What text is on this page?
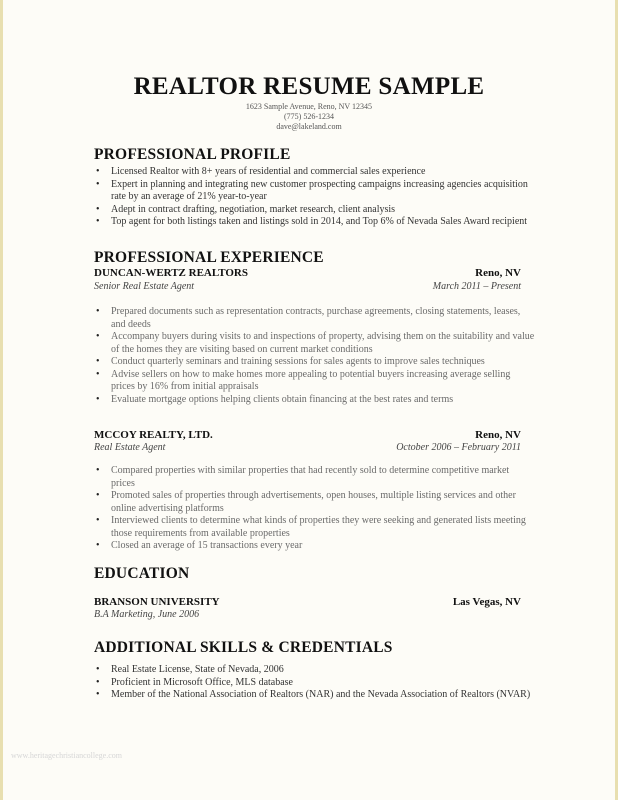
REALTOR RESUME SAMPLE
1623 Sample Avenue, Reno, NV 12345
(775) 526-1234
dave@lakeland.com
PROFESSIONAL PROFILE
• Licensed Realtor with 8+ years of residential and commercial sales experience
• Expert in planning and integrating new customer prospecting campaigns increasing agencies acquisition rate by an average of 21% year-to-year
• Adept in contract drafting, negotiation, market research, client analysis
• Top agent for both listings taken and listings sold in 2014, and Top 6% of Nevada Sales Award recipient
PROFESSIONAL EXPERIENCE
DUNCAN-WERTZ REALTORS	Reno, NV
Senior Real Estate Agent	March 2011 – Present
• Prepared documents such as representation contracts, purchase agreements, closing statements, leases, and deeds
• Accompany buyers during visits to and inspections of property, advising them on the suitability and value of the homes they are visiting based on current market conditions
• Conduct quarterly seminars and training sessions for sales agents to improve sales techniques
• Advise sellers on how to make homes more appealing to potential buyers increasing average selling prices by 16% from initial appraisals
• Evaluate mortgage options helping clients obtain financing at the best rates and terms
MCCOY REALTY, LTD.	Reno, NV
Real Estate Agent	October 2006 – February 2011
• Compared properties with similar properties that had recently sold to determine competitive market prices
• Promoted sales of properties through advertisements, open houses, multiple listing services and other online advertising platforms
• Interviewed clients to determine what kinds of properties they were seeking and generated lists meeting those requirements from available properties
• Closed an average of 15 transactions every year
EDUCATION
BRANSON UNIVERSITY	Las Vegas, NV
B.A Marketing, June 2006
ADDITIONAL SKILLS & CREDENTIALS
• Real Estate License, State of Nevada, 2006
• Proficient in Microsoft Office, MLS database
• Member of the National Association of Realtors (NAR) and the Nevada Association of Realtors (NVAR)
www.heritagechristiancollege.com
